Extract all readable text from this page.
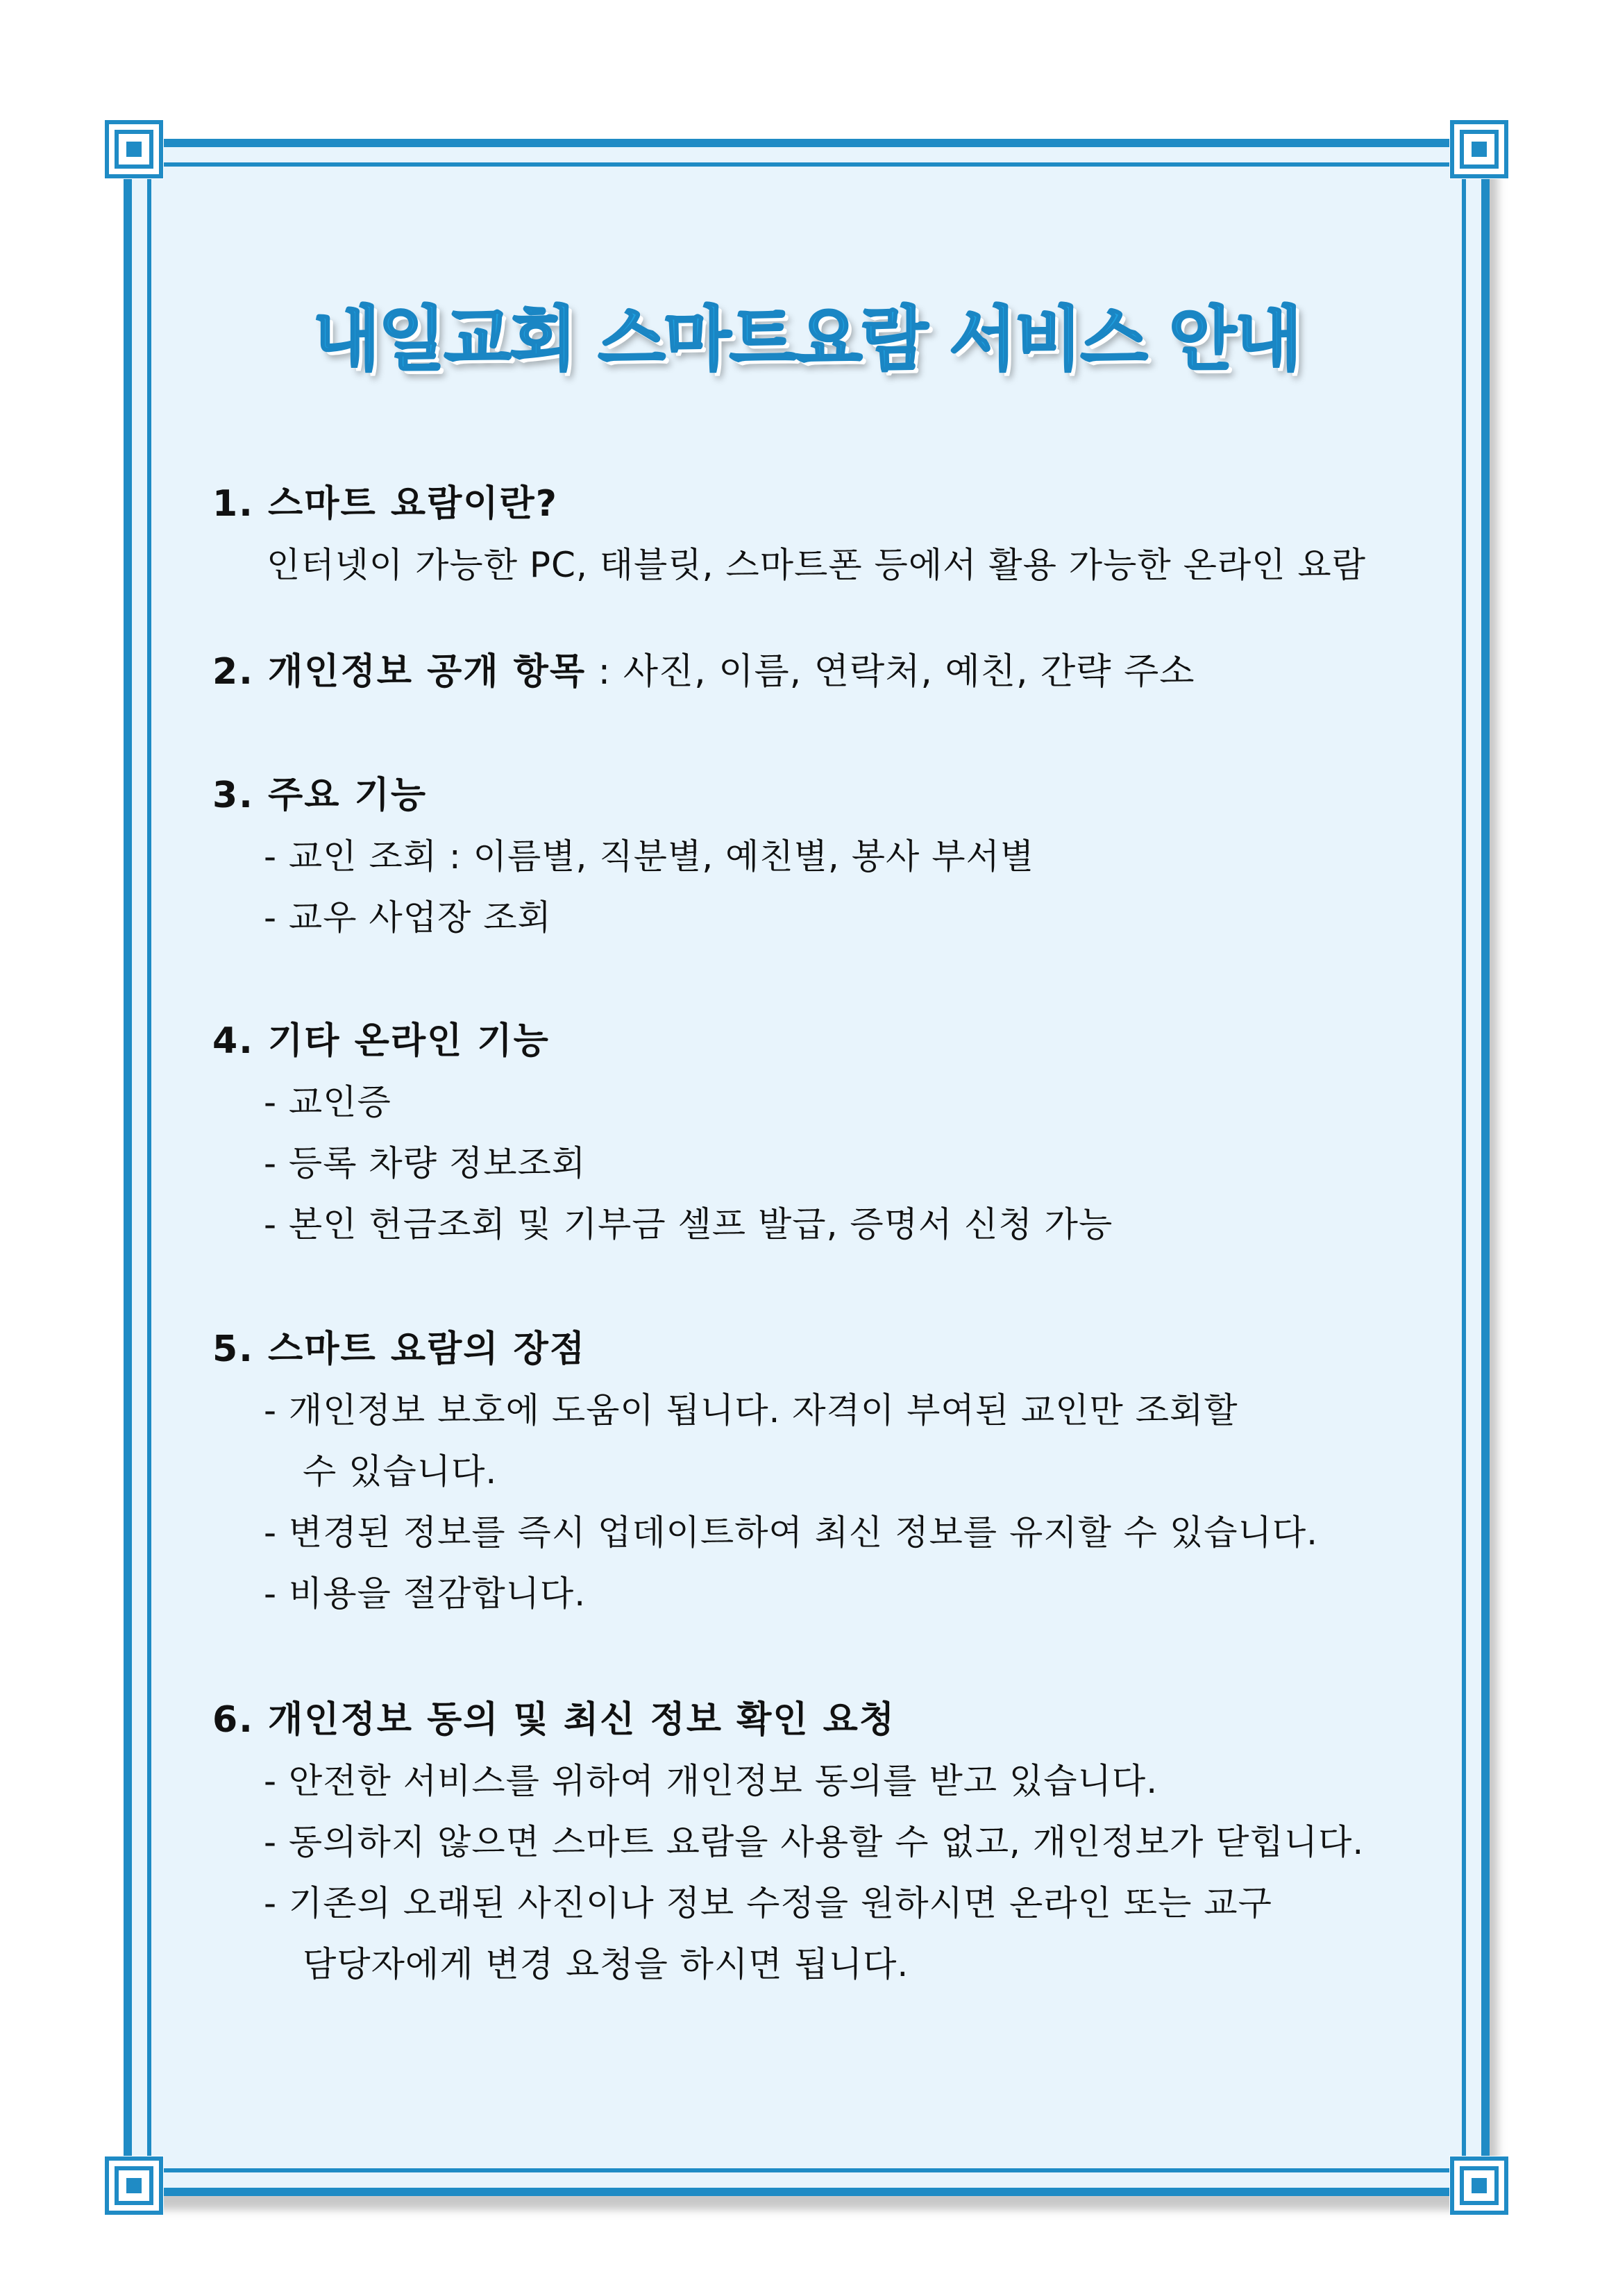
내일교회 스마트요람 서비스 안내
1. 스마트 요람이란?
인터넷이 가능한 PC, 태블릿, 스마트폰 등에서 활용 가능한 온라인 요람
2. 개인정보 공개 항목 : 사진, 이름, 연락처, 예친, 간략 주소
3. 주요 기능
- 교인 조회 : 이름별, 직분별, 예친별, 봉사 부서별
- 교우 사업장 조회
4. 기타 온라인 기능
- 교인증
- 등록 차량 정보조회
- 본인 헌금조회 및 기부금 셀프 발급, 증명서 신청 가능
5. 스마트 요람의 장점
- 개인정보 보호에 도움이 됩니다. 자격이 부여된 교인만 조회할
수 있습니다.
- 변경된 정보를 즉시 업데이트하여 최신 정보를 유지할 수 있습니다.
- 비용을 절감합니다.
6. 개인정보 동의 및 최신 정보 확인 요청
- 안전한 서비스를 위하여 개인정보 동의를 받고 있습니다.
- 동의하지 않으면 스마트 요람을 사용할 수 없고, 개인정보가 닫힙니다.
- 기존의 오래된 사진이나 정보 수정을 원하시면 온라인 또는 교구
담당자에게 변경 요청을 하시면 됩니다.
